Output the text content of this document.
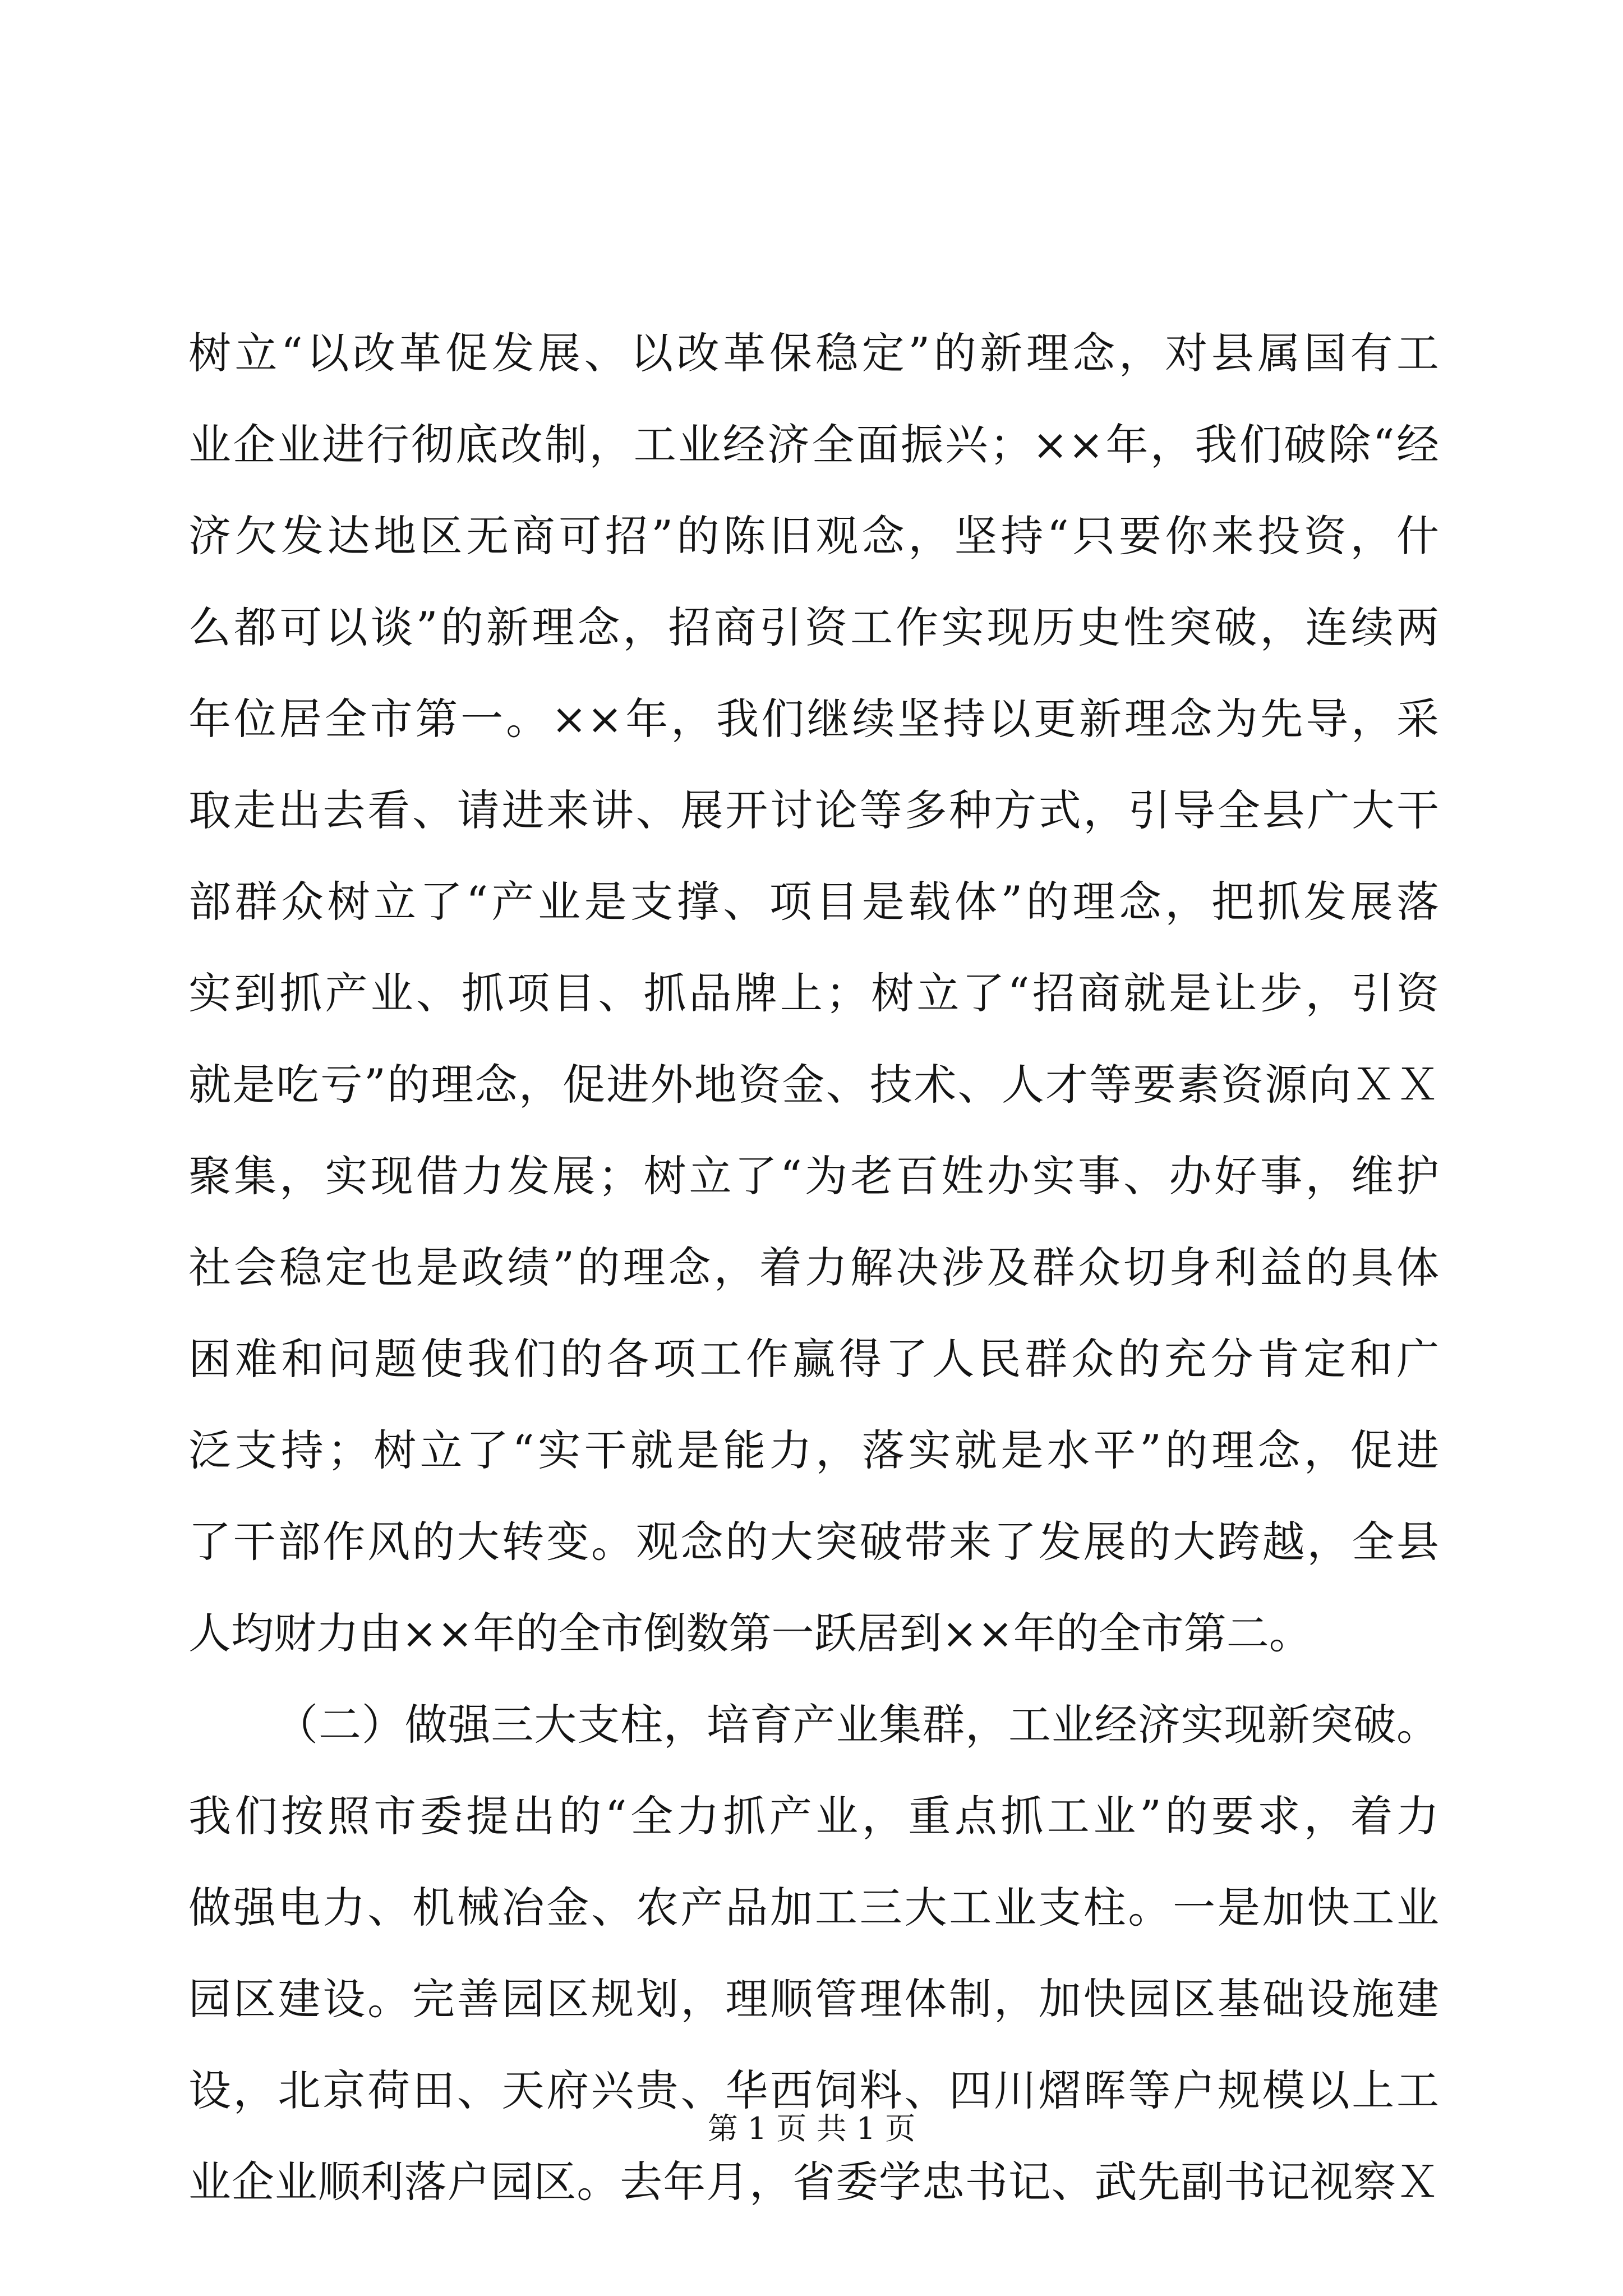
树立“以改革促发展、以改革保稳定”的新理念，对县属国有工
业企业进行彻底改制，工业经济全面振兴；××年，我们破除“经
济欠发达地区无商可招”的陈旧观念，坚持“只要你来投资，什
么都可以谈”的新理念，招商引资工作实现历史性突破，连续两
年位居全市第一。××年，我们继续坚持以更新理念为先导，采
取走出去看、请进来讲、展开讨论等多种方式，引导全县广大干
部群众树立了“产业是支撑、项目是载体”的理念，把抓发展落
实到抓产业、抓项目、抓品牌上；树立了“招商就是让步，引资
就是吃亏”的理念，促进外地资金、技术、人才等要素资源向ＸＸ
聚集，实现借力发展；树立了“为老百姓办实事、办好事，维护
社会稳定也是政绩”的理念，着力解决涉及群众切身利益的具体
困难和问题使我们的各项工作赢得了人民群众的充分肯定和广
泛支持；树立了“实干就是能力，落实就是水平”的理念，促进
了干部作风的大转变。观念的大突破带来了发展的大跨越，全县
人均财力由××年的全市倒数第一跃居到××年的全市第二。
（二）做强三大支柱，培育产业集群，工业经济实现新突破。
我们按照市委提出的“全力抓产业，重点抓工业”的要求，着力
做强电力、机械冶金、农产品加工三大工业支柱。一是加快工业
园区建设。完善园区规划，理顺管理体制，加快园区基础设施建
设，北京荷田、天府兴贵、华西饲料、四川熠晖等户规模以上工
业企业顺利落户园区。去年月，省委学忠书记、武先副书记视察Ｘ
第 1 页 共 1 页
